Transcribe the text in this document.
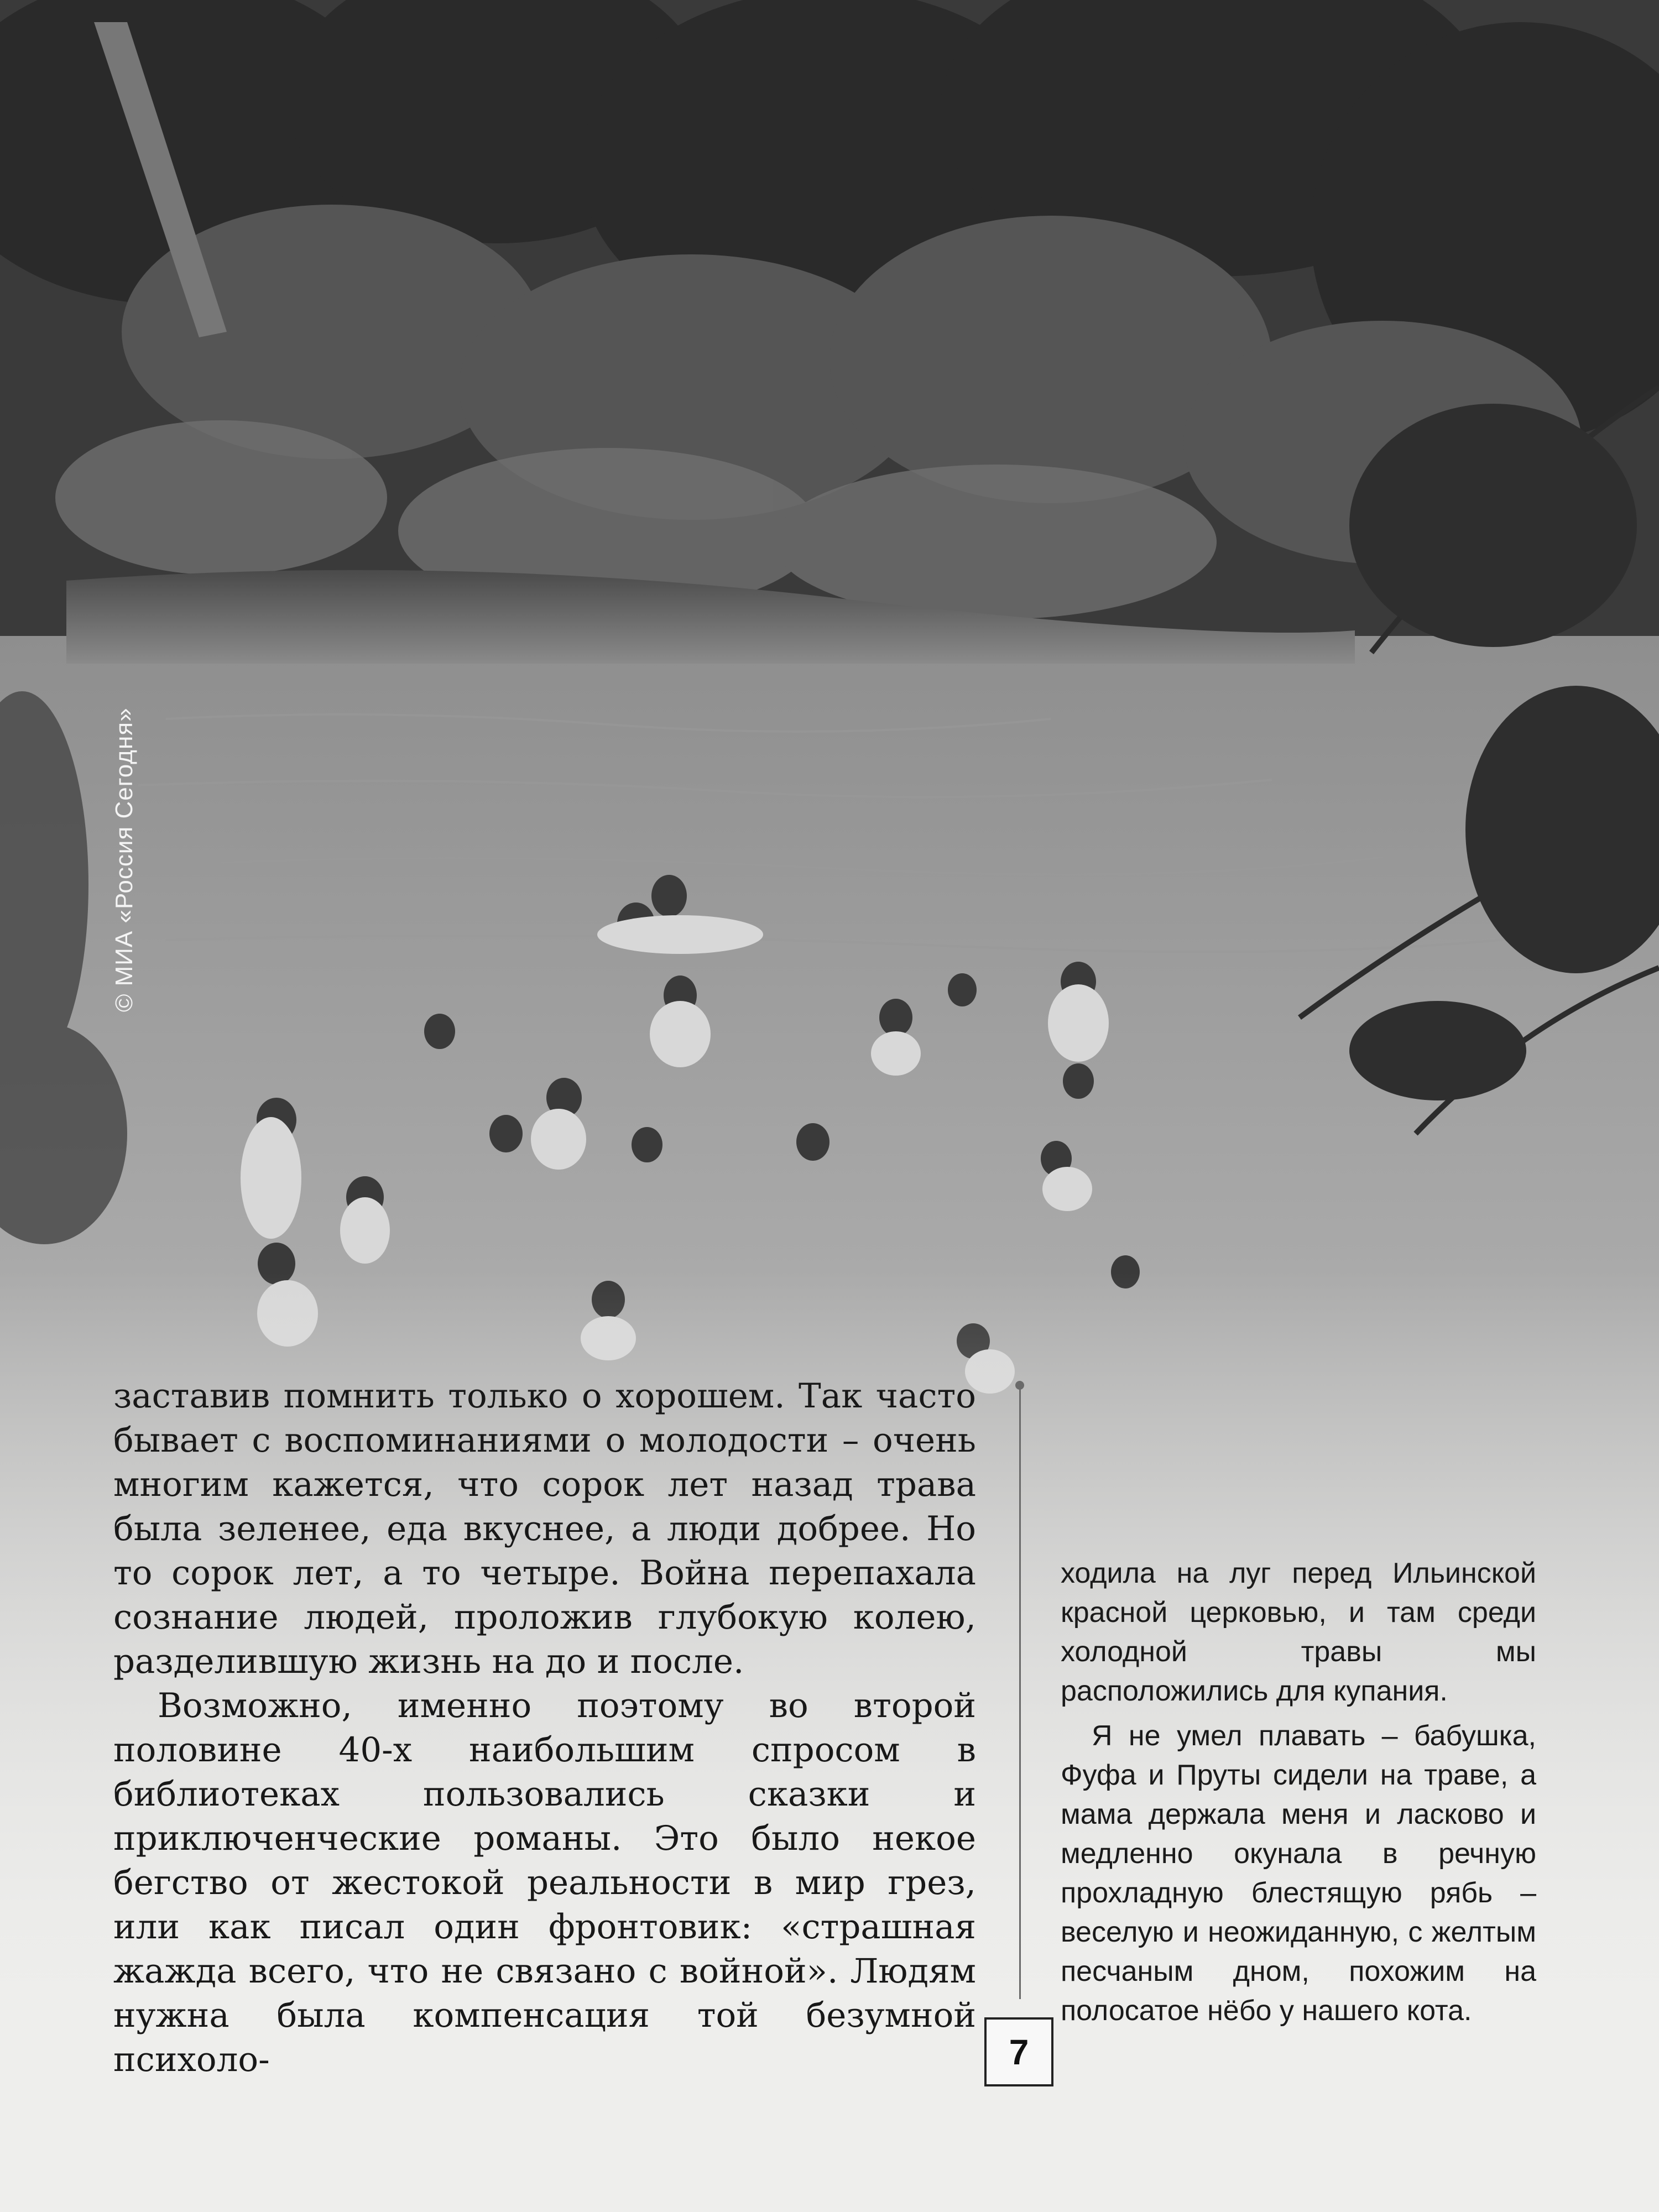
© МИА «Россия Сегодня»

заставив помнить только о хорошем. Так часто бывает с воспоминаниями о молодости – очень многим кажется, что сорок лет назад трава была зеленее, еда вкуснее, а люди добрее. Но то сорок лет, а то четыре. Война перепахала сознание людей, проложив глубокую колею, разделившую жизнь на до и после.

Возможно, именно поэтому во второй половине 40-х наибольшим спросом в библиотеках пользовались сказки и приключенческие романы. Это было некое бегство от жестокой реальности в мир грез, или как писал один фронтовик: «страшная жажда всего, что не связано с войной». Людям нужна была компенсация той безумной психоло-

ходила на луг перед Ильинской красной церковью, и там среди холодной травы мы расположились для купания.

Я не умел плавать – бабушка, Фуфа и Пруты сидели на траве, а мама держала меня и ласково и медленно окунала в речную прохладную блестящую рябь – веселую и неожиданную, с желтым песчаным дном, похожим на полосатое нёбо у нашего кота.

7
